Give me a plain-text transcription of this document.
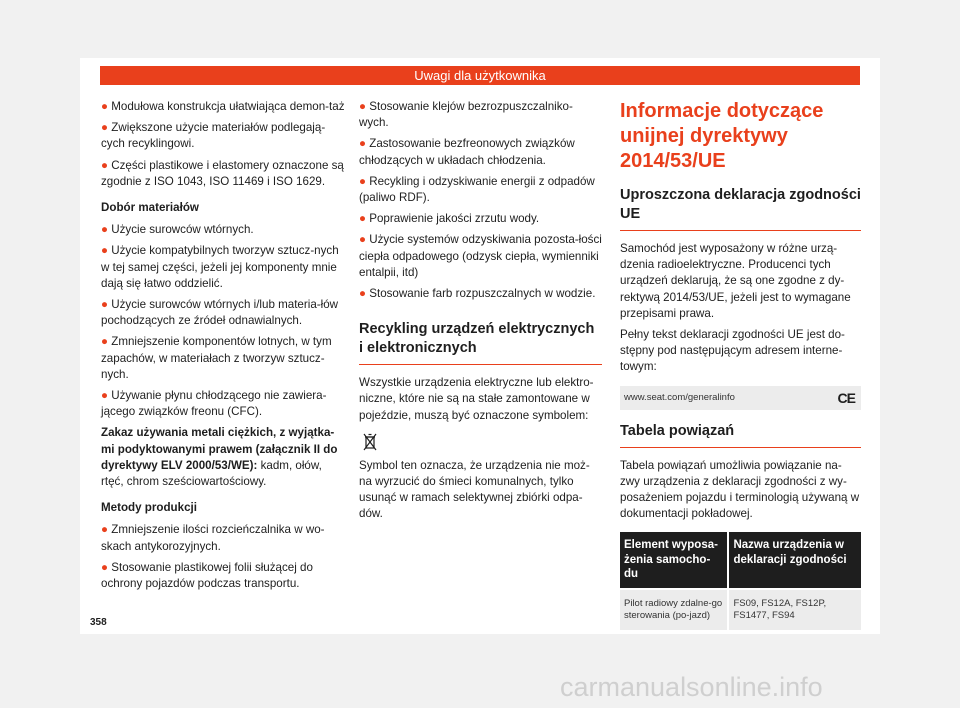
Uwagi dla użytkownika

● Modułowa konstrukcja ułatwiająca demon-taż

● Zwiększone użycie materiałów podlegają-cych recyklingowi.

● Części plastikowe i elastomery oznaczone są zgodnie z ISO 1043, ISO 11469 i ISO 1629.

Dobór materiałów

● Użycie surowców wtórnych.

● Użycie kompatybilnych tworzyw sztucz-nych w tej samej części, jeżeli jej komponenty mnie dają się łatwo oddzielić.

● Użycie surowców wtórnych i/lub materia-łów pochodzących ze źródeł odnawialnych.

● Zmniejszenie komponentów lotnych, w tym zapachów, w materiałach z tworzyw sztucz-nych.

● Używanie płynu chłodzącego nie zawiera-jącego związków freonu (CFC).

Zakaz używania metali ciężkich, z wyjątka-mi podyktowanymi prawem (załącznik II do dyrektywy ELV 2000/53/WE): kadm, ołów, rtęć, chrom sześciowartościowy.

Metody produkcji

● Zmniejszenie ilości rozcieńczalnika w wo-skach antykorozyjnych.

● Stosowanie plastikowej folii służącej do ochrony pojazdów podczas transportu.

● Stosowanie klejów bezrozpuszczalniko-wych.

● Zastosowanie bezfreonowych związków chłodzących w układach chłodzenia.

● Recykling i odzyskiwanie energii z odpadów (paliwo RDF).

● Poprawienie jakości zrzutu wody.

● Użycie systemów odzyskiwania pozosta-łości ciepła odpadowego (odzysk ciepła, wymienniki entalpii, itd)

● Stosowanie farb rozpuszczalnych w wodzie.

Recykling urządzeń elektrycznych i elektronicznych

Wszystkie urządzenia elektryczne lub elektro-niczne, które nie są na stałe zamontowane w pojeździe, muszą być oznaczone symbolem:

Symbol ten oznacza, że urządzenia nie moż-na wyrzucić do śmieci komunalnych, tylko usunąć w ramach selektywnej zbiórki odpa-dów.

Informacje dotyczące unijnej dyrektywy 2014/53/UE
Uproszczona deklaracja zgodności UE

Samochód jest wyposażony w różne urzą-dzenia radioelektryczne. Producenci tych urządzeń deklarują, że są one zgodne z dy-rektywą 2014/53/UE, jeżeli jest to wymagane przepisami prawa.

Pełny tekst deklaracji zgodności UE jest do-stępny pod następującym adresem interne-towym:

www.seat.com/generalinfo	CE
Tabela powiązań

Tabela powiązań umożliwia powiązanie na-zwy urządzenia z deklaracji zgodności z wy-posażeniem pojazdu i terminologią używaną w dokumentacji pokładowej.

Element wyposa-żenia samocho-du	Nazwa urządzenia w deklaracji zgodności
Pilot radiowy zdalne-go sterowania (po-jazd)	FS09, FS12A, FS12P, FS1477, FS94
358
carmanualsonline.info
